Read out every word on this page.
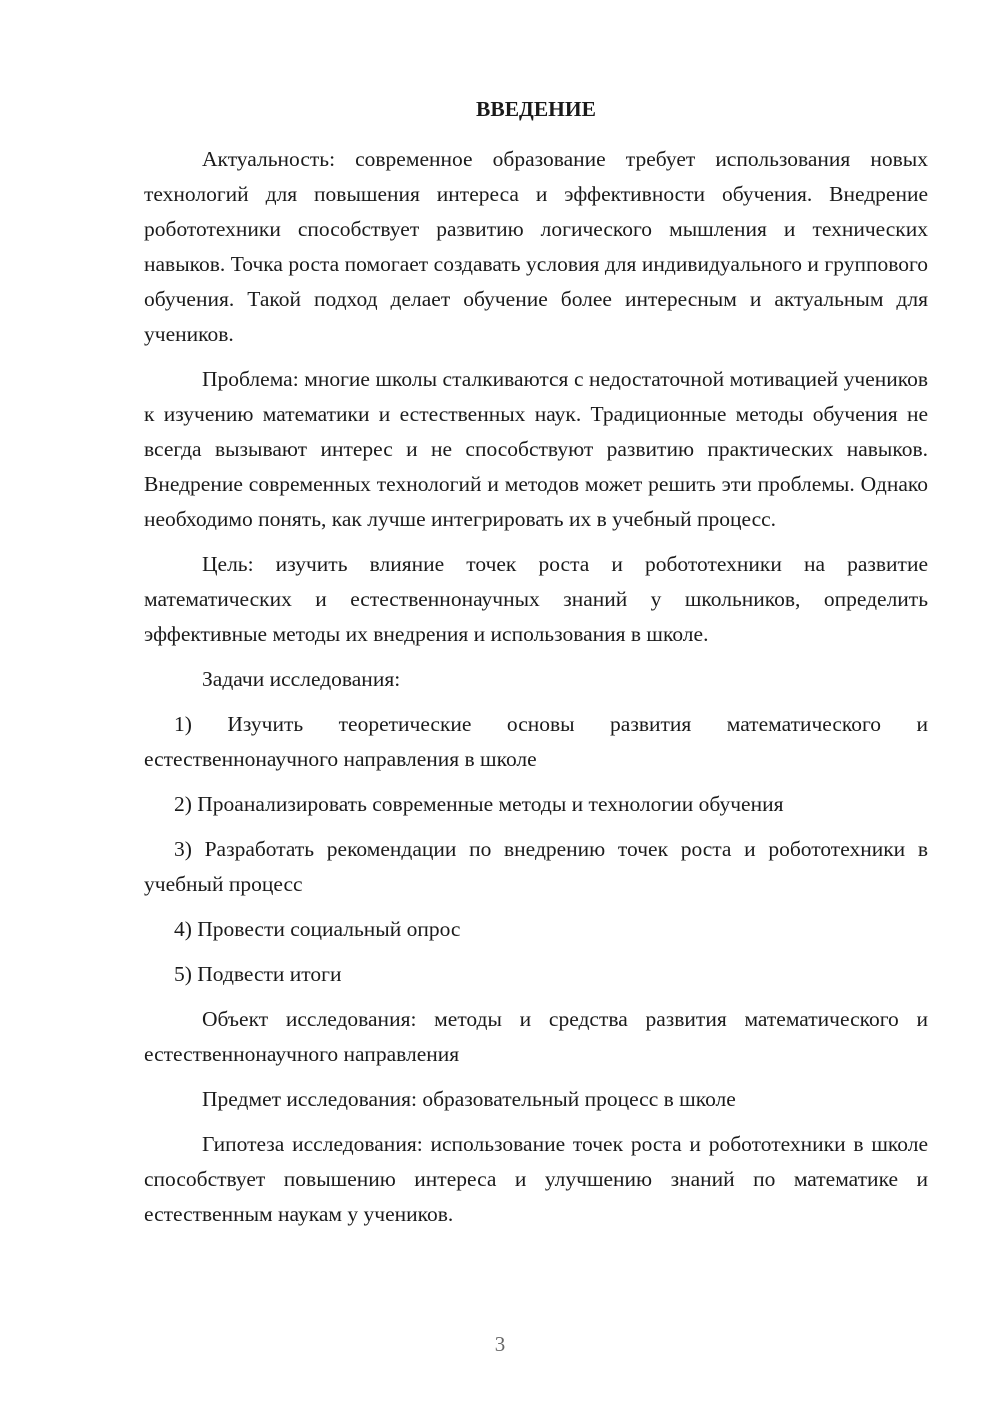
ВВЕДЕНИЕ

Актуальность: современное образование требует использования новых технологий для повышения интереса и эффективности обучения. Внедрение робототехники способствует развитию логического мышления и технических навыков. Точка роста помогает создавать условия для индивидуального и группового обучения. Такой подход делает обучение более интересным и актуальным для учеников.

Проблема: многие школы сталкиваются с недостаточной мотивацией учеников к изучению математики и естественных наук. Традиционные методы обучения не всегда вызывают интерес и не способствуют развитию практических навыков. Внедрение современных технологий и методов может решить эти проблемы. Однако необходимо понять, как лучше интегрировать их в учебный процесс.

Цель: изучить влияние точек роста и робототехники на развитие математических и естественнонаучных знаний у школьников, определить эффективные методы их внедрения и использования в школе.

Задачи исследования:

1) Изучить теоретические основы развития математического и естественнонаучного направления в школе

2) Проанализировать современные методы и технологии обучения

3) Разработать рекомендации по внедрению точек роста и робототехники в учебный процесс

4) Провести социальный опрос

5) Подвести итоги

Объект исследования: методы и средства развития математического и естественнонаучного направления

Предмет исследования: образовательный процесс в школе

Гипотеза исследования: использование точек роста и робототехники в школе способствует повышению интереса и улучшению знаний по математике и естественным наукам у учеников.

3
